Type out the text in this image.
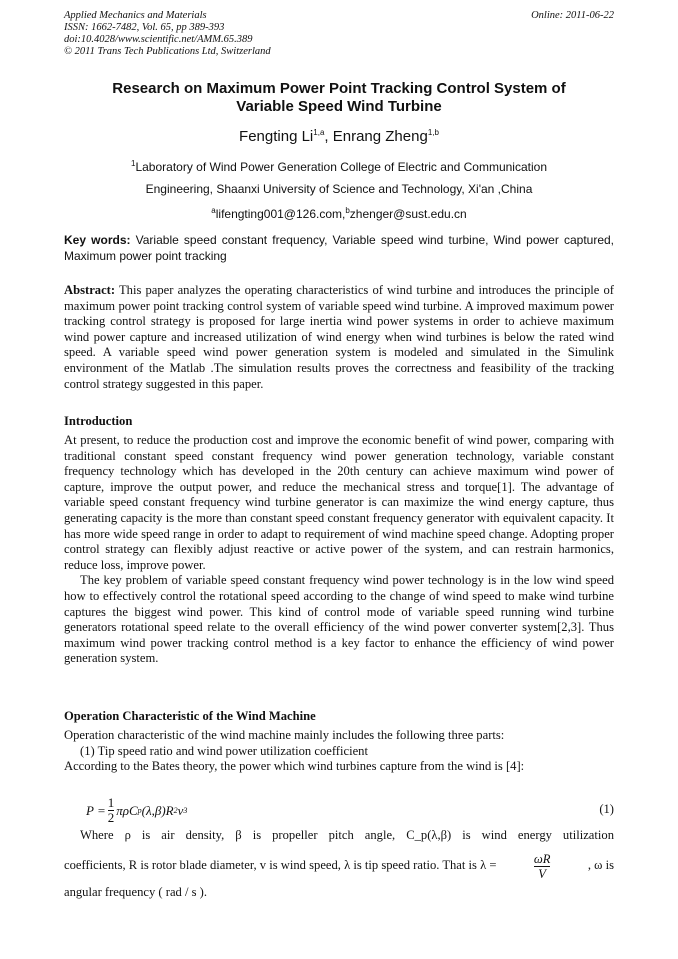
Applied Mechanics and Materials
ISSN: 1662-7482, Vol. 65, pp 389-393
doi:10.4028/www.scientific.net/AMM.65.389
© 2011 Trans Tech Publications Ltd, Switzerland
Online: 2011-06-22
Research on Maximum Power Point Tracking Control System of
Variable Speed Wind Turbine
Fengting Li$^{1,a}$, Enrang Zheng$^{1,b}$
$^1$Laboratory of Wind Power Generation College of Electric and Communication
Engineering, Shaanxi University of Science and Technology, Xi'an ,China
$^a$lifengting001@126.com,$^b$zhenger@sust.edu.cn
Key words: Variable speed constant frequency, Variable speed wind turbine, Wind power captured, Maximum power point tracking

Abstract: This paper analyzes the operating characteristics of wind turbine and introduces the principle of maximum power point tracking control system of variable speed wind turbine. A improved maximum power tracking control strategy is proposed for large inertia wind power systems in order to achieve maximum wind power capture and increased utilization of wind energy when wind turbines is below the rated wind speed. A variable speed wind power generation system is modeled and simulated in the Simulink environment of the Matlab .The simulation results proves the correctness and feasibility of the tracking control strategy suggested in this paper.

Introduction

At present, to reduce the production cost and improve the economic benefit of wind power, comparing with traditional constant speed constant frequency wind power generation technology, variable constant frequency technology which has developed in the 20th century can achieve maximum wind power of capture, improve the output power, and reduce the mechanical stress and torque[1]. The advantage of variable speed constant frequency wind turbine generator is can maximize the wind energy capture, thus generating capacity is the more than constant speed constant frequency generator with equivalent capacity. It has more wide speed range in order to adapt to requirement of wind machine speed change. Adopting proper control strategy can flexibly adjust reactive or active power of the system, and can restrain harmonics, reduce loss, improve power.

The key problem of variable speed constant frequency wind power technology is in the low wind speed how to effectively control the rotational speed according to the change of wind speed to make wind turbine captures the biggest wind power. This kind of control mode of variable speed running wind turbine generators rotational speed relate to the overall efficiency of the wind power converter system[2,3]. Thus maximum wind power tracking control method is a key factor to enhance the efficiency of wind power generation system.

Operation Characteristic of the Wind Machine

Operation characteristic of the wind machine mainly includes the following three parts:

(1) Tip speed ratio and wind power utilization coefficient

According to the Bates theory, the power which wind turbines capture from the wind is [4]:

$P = \frac{1}{2}$ πρC p (λ,β)R 2 v 3	(1)

Where ρ is air density, β is propeller pitch angle, C_p(λ,β) is wind energy utilization

coefficients, R is rotor blade diameter, v is wind speed, λ is tip speed ratio. That is λ =	$\frac{\omega R}{V}$	, ω is

angular frequency ( rad / s ).
